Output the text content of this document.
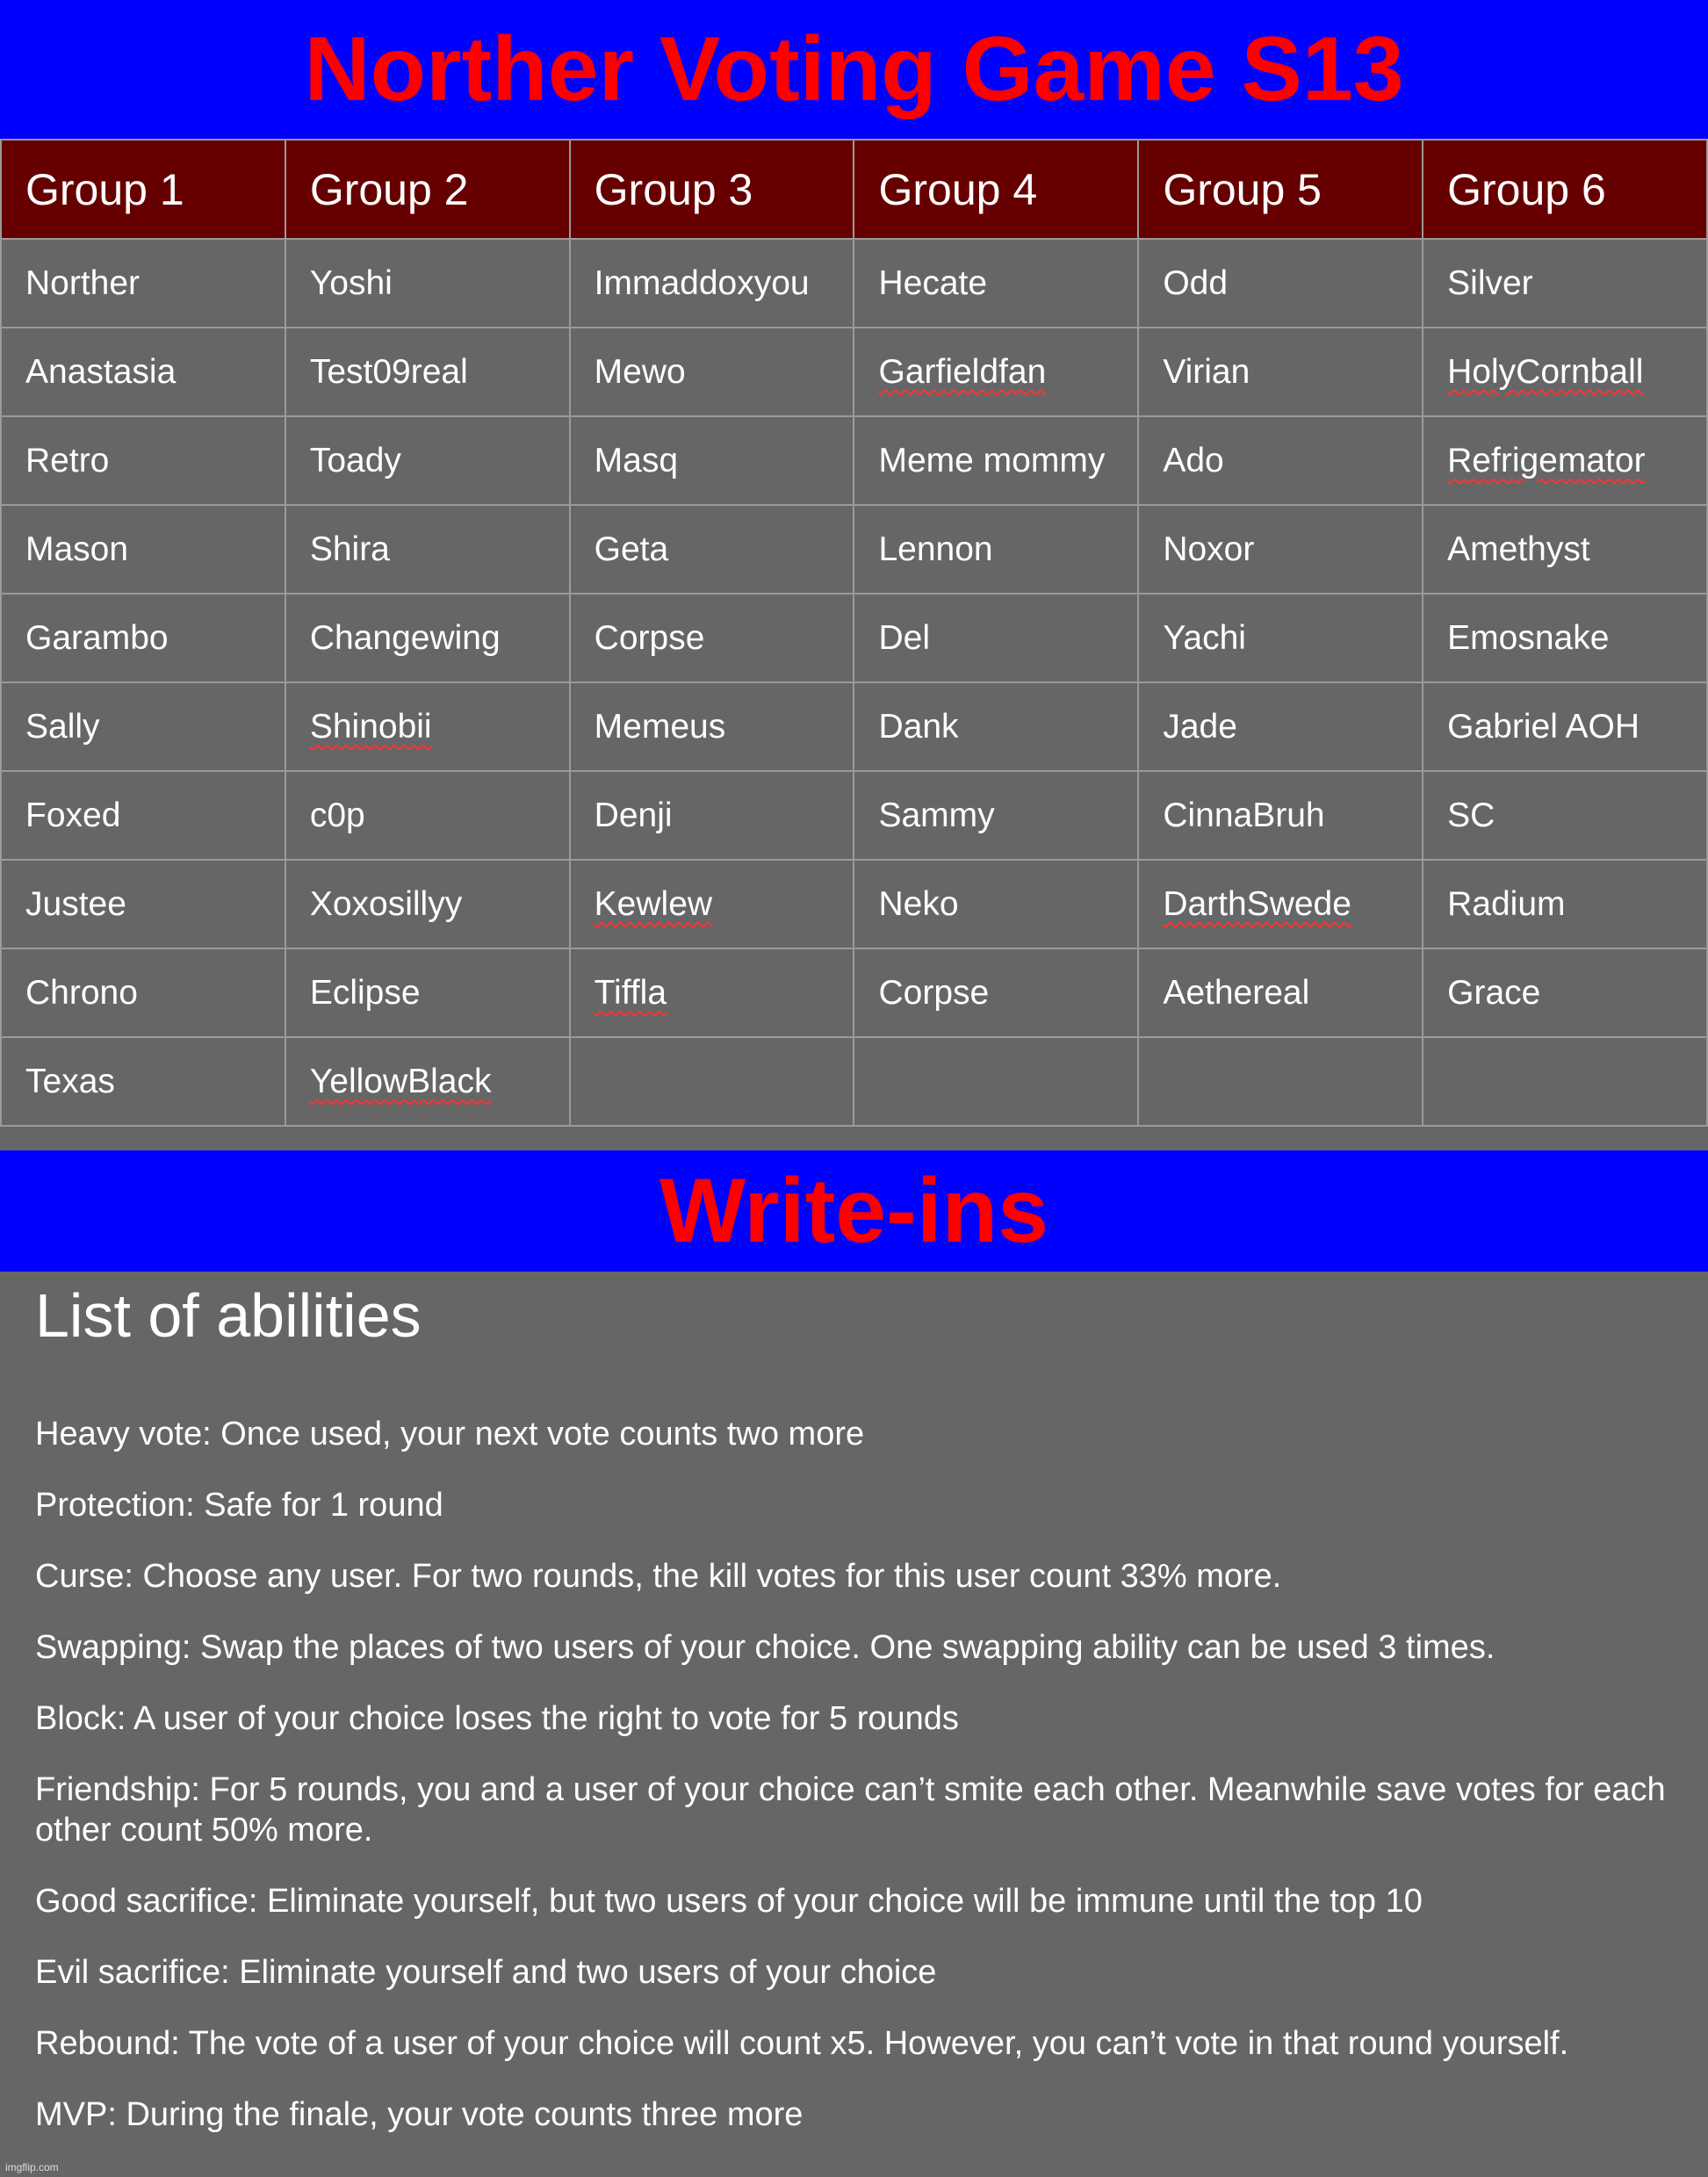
Norther Voting Game S13
Group 1	Group 2	Group 3	Group 4	Group 5	Group 6
Norther	Yoshi	Immaddoxyou	Hecate	Odd	Silver
Anastasia	Test09real	Mewo	Garfieldfan	Virian	HolyCornball
Retro	Toady	Masq	Meme mommy	Ado	Refrigemator
Mason	Shira	Geta	Lennon	Noxor	Amethyst
Garambo	Changewing	Corpse	Del	Yachi	Emosnake
Sally	Shinobii	Memeus	Dank	Jade	Gabriel AOH
Foxed	c0p	Denji	Sammy	CinnaBruh	SC
Justee	Xoxosillyy	Kewlew	Neko	DarthSwede	Radium
Chrono	Eclipse	Tiffla	Corpse	Aethereal	Grace
Texas	YellowBlack				
Write-ins
List of abilities
Heavy vote: Once used, your next vote counts two more
Protection: Safe for 1 round
Curse: Choose any user. For two rounds, the kill votes for this user count 33% more.
Swapping: Swap the places of two users of your choice. One swapping ability can be used 3 times.
Block: A user of your choice loses the right to vote for 5 rounds
Friendship: For 5 rounds, you and a user of your choice can’t smite each other. Meanwhile save votes for each other count 50% more.
Good sacrifice: Eliminate yourself, but two users of your choice will be immune until the top 10
Evil sacrifice: Eliminate yourself and two users of your choice
Rebound: The vote of a user of your choice will count x5. However, you can’t vote in that round yourself.
MVP: During the finale, your vote counts three more
imgflip.com
